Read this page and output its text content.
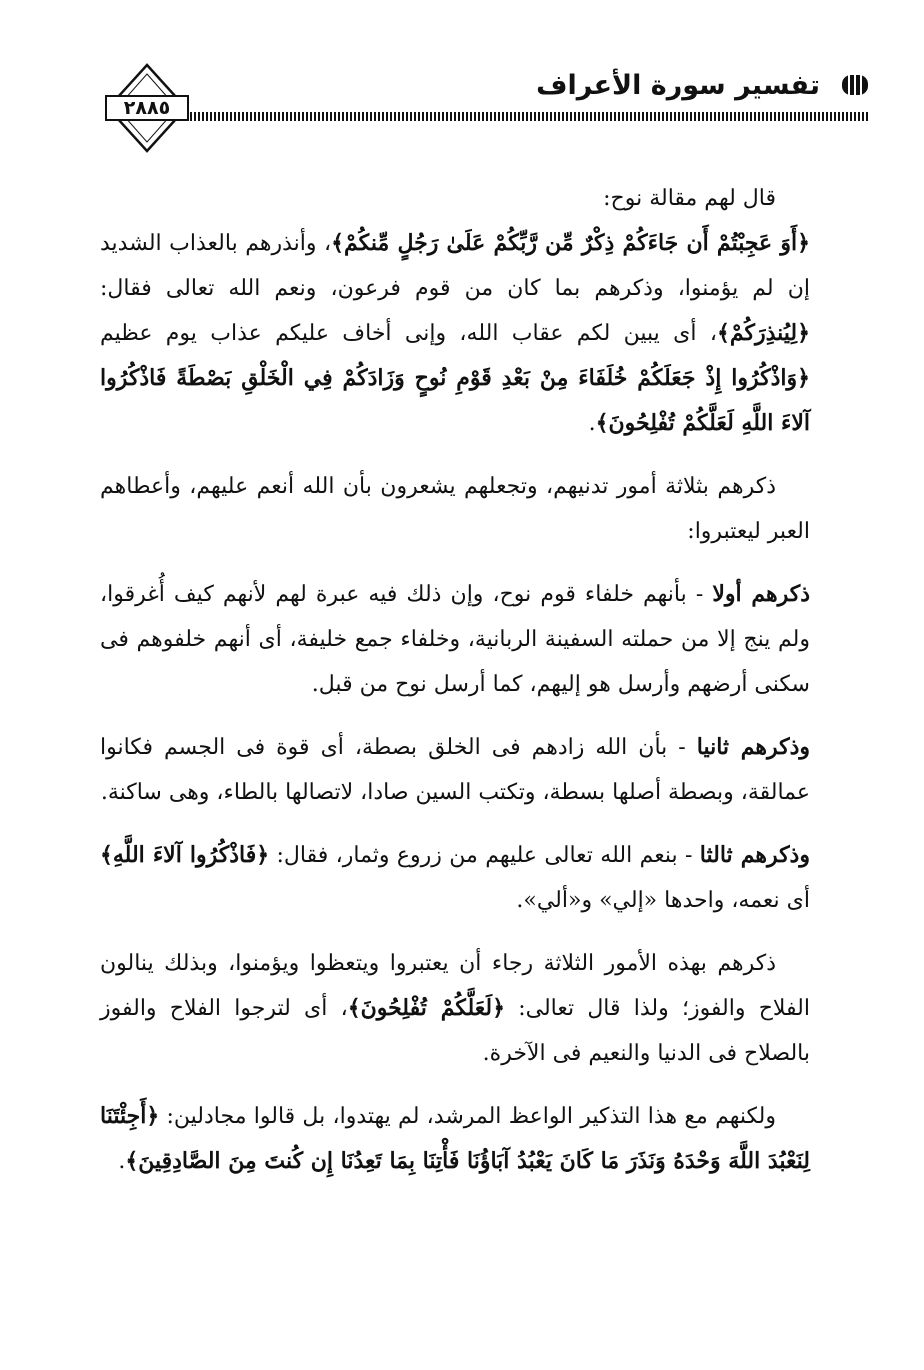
تفسير سورة الأعراف
٢٨٨٥

قال لهم مقالة نوح:

﴿أَوَ عَجِبْتُمْ أَن جَاءَكُمْ ذِكْرٌ مِّن رَّبِّكُمْ عَلَىٰ رَجُلٍ مِّنكُمْ﴾، وأنذرهم بالعذاب الشديد إن لم يؤمنوا، وذكرهم بما كان من قوم فرعون، ونعم الله تعالى فقال: ﴿لِيُنذِرَكُمْ﴾، أى يبين لكم عقاب الله، وإنى أخاف عليكم عذاب يوم عظيم ﴿وَاذْكُرُوا إِذْ جَعَلَكُمْ خُلَفَاءَ مِنْ بَعْدِ قَوْمِ نُوحٍ وَزَادَكُمْ فِي الْخَلْقِ بَصْطَةً فَاذْكُرُوا آلاءَ اللَّهِ لَعَلَّكُمْ تُفْلِحُونَ﴾.

ذكرهم بثلاثة أمور تدنيهم، وتجعلهم يشعرون بأن الله أنعم عليهم، وأعطاهم العبر ليعتبروا:

ذكرهم أولا - بأنهم خلفاء قوم نوح، وإن ذلك فيه عبرة لهم لأنهم كيف أُغرقوا، ولم ينج إلا من حملته السفينة الربانية، وخلفاء جمع خليفة، أى أنهم خلفوهم فى سكنى أرضهم وأرسل هو إليهم، كما أرسل نوح من قبل.

وذكرهم ثانيا - بأن الله زادهم فى الخلق بصطة، أى قوة فى الجسم فكانوا عمالقة، وبصطة أصلها بسطة، وتكتب السين صادا، لاتصالها بالطاء، وهى ساكنة.

وذكرهم ثالثا - بنعم الله تعالى عليهم من زروع وثمار، فقال: ﴿فَاذْكُرُوا آلاءَ اللَّهِ﴾ أى نعمه، واحدها «إلي» و«ألي».

ذكرهم بهذه الأمور الثلاثة رجاء أن يعتبروا ويتعظوا ويؤمنوا، وبذلك ينالون الفلاح والفوز؛ ولذا قال تعالى: ﴿لَعَلَّكُمْ تُفْلِحُونَ﴾، أى لترجوا الفلاح والفوز بالصلاح فى الدنيا والنعيم فى الآخرة.

ولكنهم مع هذا التذكير الواعظ المرشد، لم يهتدوا، بل قالوا مجادلين: ﴿أَجِئْتَنَا لِنَعْبُدَ اللَّهَ وَحْدَهُ وَنَذَرَ مَا كَانَ يَعْبُدُ آبَاؤُنَا فَأْتِنَا بِمَا تَعِدُنَا إِن كُنتَ مِنَ الصَّادِقِينَ﴾.
